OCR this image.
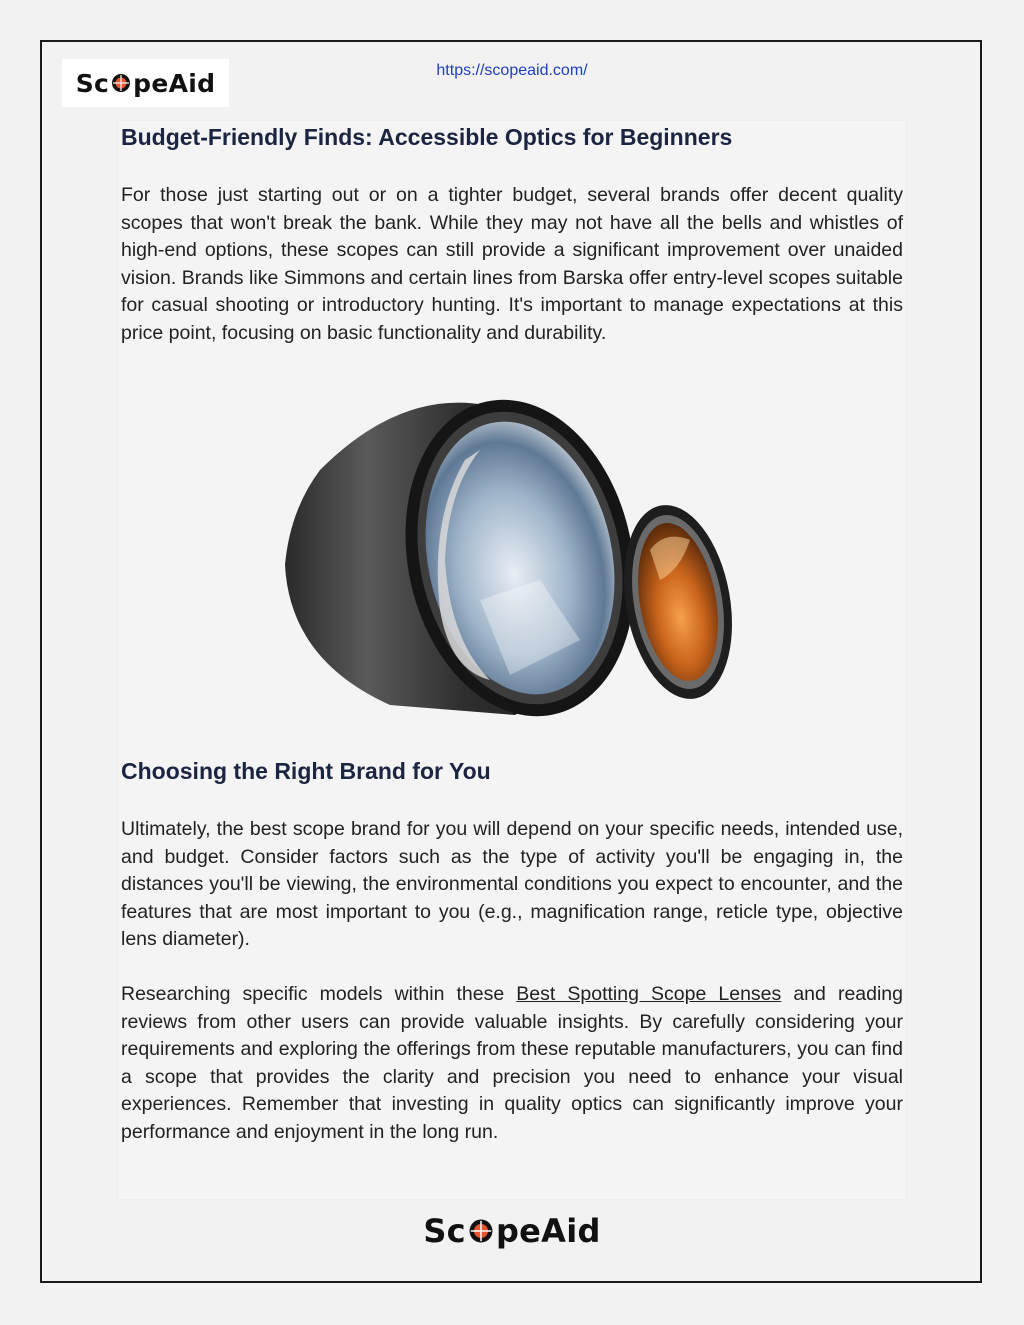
Sc peAid	https://scopeaid.com/
Budget-Friendly Finds: Accessible Optics for Beginners

For those just starting out or on a tighter budget, several brands offer decent quality scopes that won't break the bank. While they may not have all the bells and whistles of high-end options, these scopes can still provide a significant improvement over unaided vision. Brands like Simmons and certain lines from Barska offer entry-level scopes suitable for casual shooting or introductory hunting. It's important to manage expectations at this price point, focusing on basic functionality and durability.

Choosing the Right Brand for You

Ultimately, the best scope brand for you will depend on your specific needs, intended use, and budget. Consider factors such as the type of activity you'll be engaging in, the distances you'll be viewing, the environmental conditions you expect to encounter, and the features that are most important to you (e.g., magnification range, reticle type, objective lens diameter).

Researching specific models within these Best Spotting Scope Lenses and reading reviews from other users can provide valuable insights. By carefully considering your requirements and exploring the offerings from these reputable manufacturers, you can find a scope that provides the clarity and precision you need to enhance your visual experiences. Remember that investing in quality optics can significantly improve your performance and enjoyment in the long run.

Sc peAid
